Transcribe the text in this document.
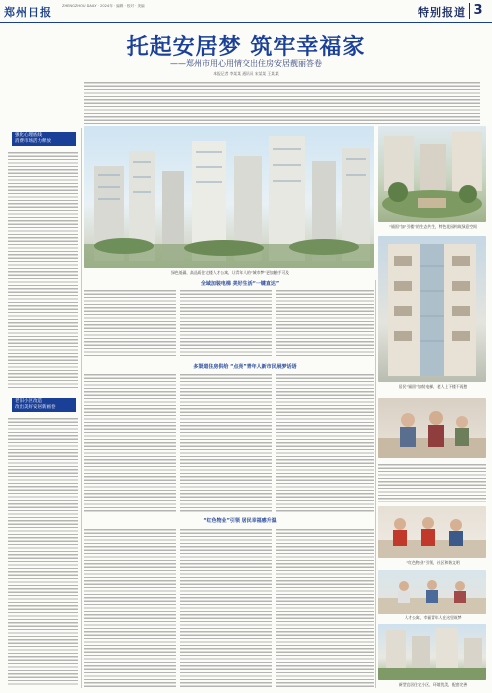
郑州日报	ZHENGZHOU DAILY · 2024年 · 编辑 · 校对 · 美编	特别报道 3
托起安居梦 筑牢幸福家
——郑州市用心用情交出住房安居靓丽答卷
本报记者 李某某 通讯员 宋某某 王某某
强化心理底线
消费市场活力释放
老旧小区改造
改出美好安居新画卷
绿色低碳、高品质住宅楼人才公寓，让青年人的“城市梦”更加触手可及
“锚固”加“引楼”的生态共生，特色花园构筑绿意空间
全域加装电梯 美好生活“一键直达”
多渠道住房供给 “点亮”青年人新市民展梦话语
“红色物业”引领 居民幸福感升温
居民“锚固”加装电梯，老人上下楼不再愁
“红色物业”引领，社区和谐文明
人才公寓，幸福青年人在这里筑梦
新型宜居住宅小区，环境优美，配套完善
